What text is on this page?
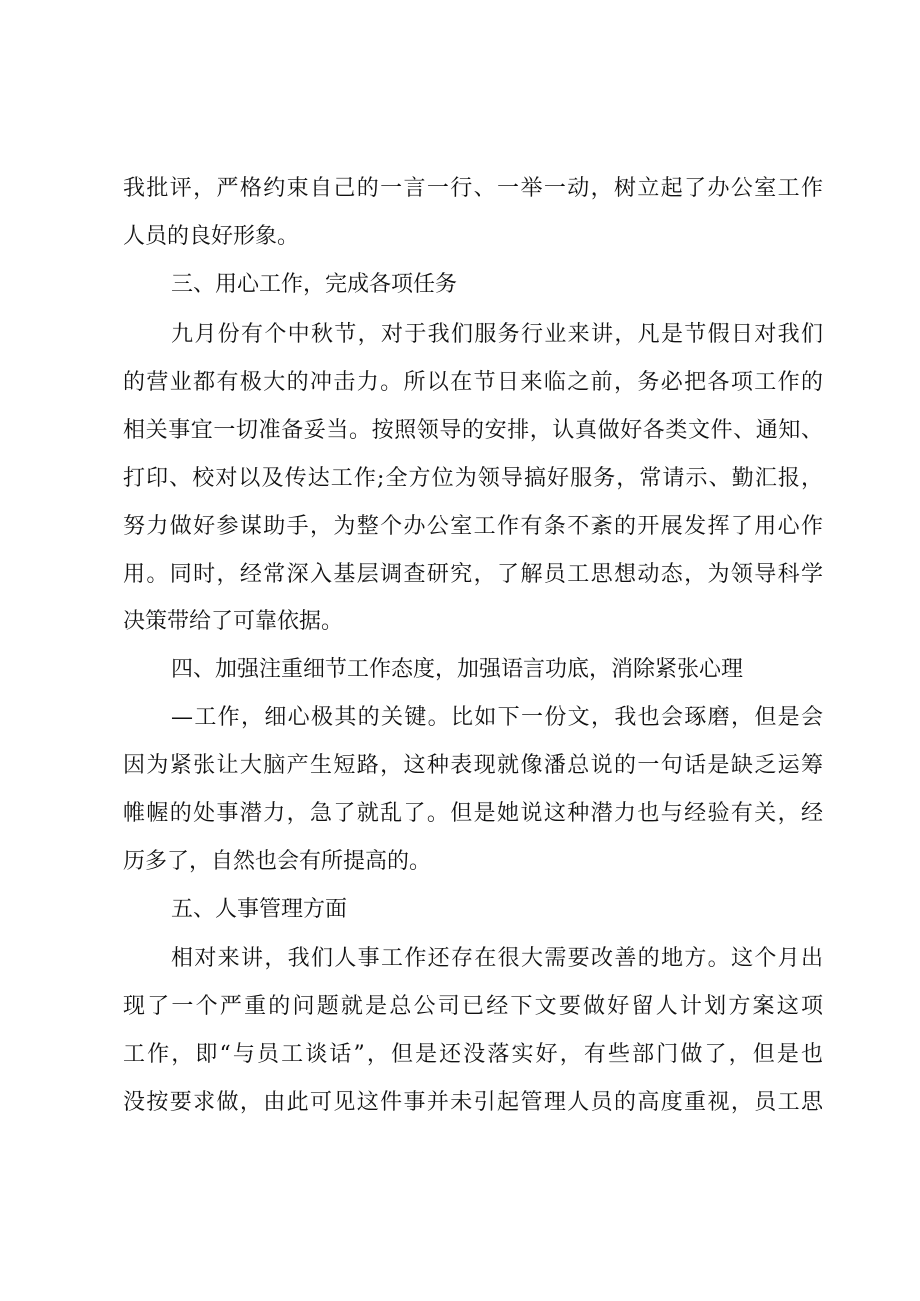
我批评，严格约束自己的一言一行、一举一动，树立起了办公室工作
人员的良好形象。
三、用心工作，完成各项任务
九月份有个中秋节，对于我们服务行业来讲，凡是节假日对我们
的营业都有极大的冲击力。所以在节日来临之前，务必把各项工作的
相关事宜一切准备妥当。按照领导的安排，认真做好各类文件、通知、
打印、校对以及传达工作;全方位为领导搞好服务，常请示、勤汇报，
努力做好参谋助手，为整个办公室工作有条不紊的开展发挥了用心作
用。同时，经常深入基层调查研究，了解员工思想动态，为领导科学
决策带给了可靠依据。
四、加强注重细节工作态度，加强语言功底，消除紧张心理
—工作，细心极其的关键。比如下一份文，我也会琢磨，但是会
因为紧张让大脑产生短路，这种表现就像潘总说的一句话是缺乏运筹
帷幄的处事潜力，急了就乱了。但是她说这种潜力也与经验有关，经
历多了，自然也会有所提高的。
五、人事管理方面
相对来讲，我们人事工作还存在很大需要改善的地方。这个月出
现了一个严重的问题就是总公司已经下文要做好留人计划方案这项
工作，即“与员工谈话”，但是还没落实好，有些部门做了，但是也
没按要求做，由此可见这件事并未引起管理人员的高度重视，员工思
